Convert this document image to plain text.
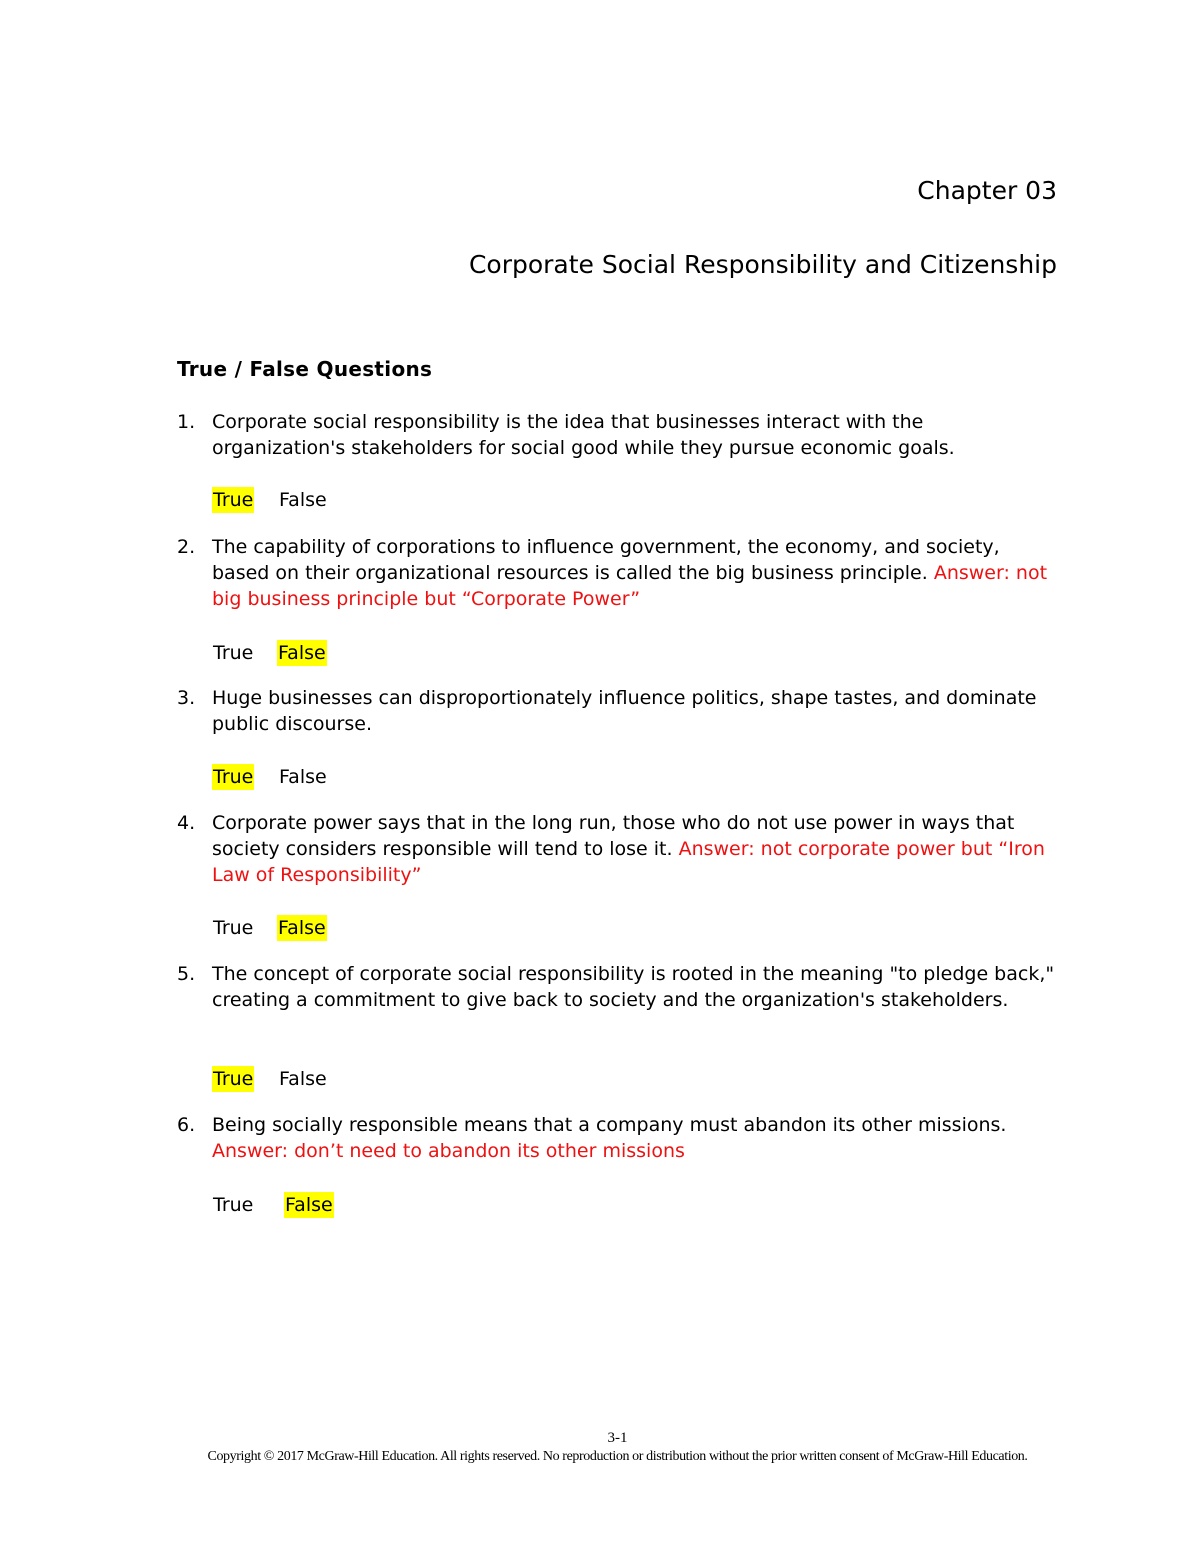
Chapter 03
Corporate Social Responsibility and Citizenship
True / False Questions
1. Corporate social responsibility is the idea that businesses interact with the organization's stakeholders for social good while they pursue economic goals.
True False
2. The capability of corporations to influence government, the economy, and society, based on their organizational resources is called the big business principle. Answer: not big business principle but “Corporate Power”
True False
3. Huge businesses can disproportionately influence politics, shape tastes, and dominate public discourse.
True False
4. Corporate power says that in the long run, those who do not use power in ways that society considers responsible will tend to lose it. Answer: not corporate power but “Iron Law of Responsibility”
True False
5. The concept of corporate social responsibility is rooted in the meaning "to pledge back," creating a commitment to give back to society and the organization's stakeholders.
True False
6. Being socially responsible means that a company must abandon its other missions. Answer: don’t need to abandon its other missions
True False
3-1
Copyright © 2017 McGraw-Hill Education. All rights reserved. No reproduction or distribution without the prior written consent of McGraw-Hill Education.
